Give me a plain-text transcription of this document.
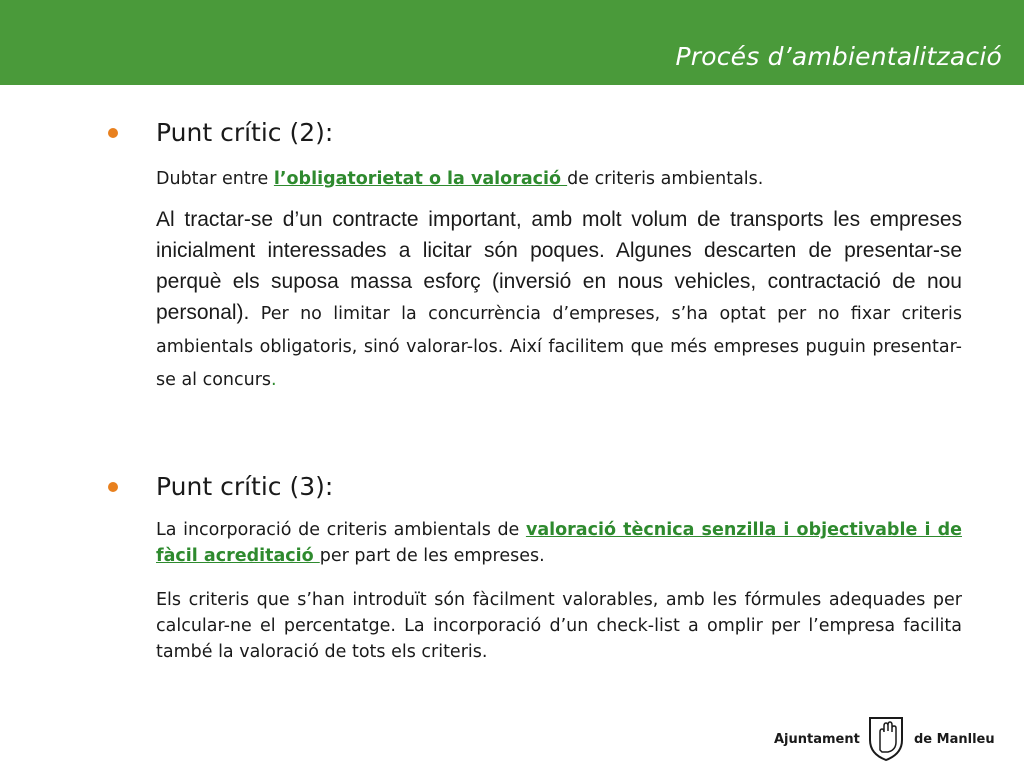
Procés d’ambientalització
Punt crític (2):
Dubtar entre l’obligatorietat o la valoració de criteris ambientals.
Al tractar-se d’un contracte important, amb molt volum de transports les empreses inicialment interessades a licitar són poques. Algunes descarten de presentar-se perquè els suposa massa esforç (inversió en nous vehicles, contractació de nou personal). Per no limitar la concurrència d’empreses, s’ha optat per no fixar criteris ambientals obligatoris, sinó valorar-los. Així facilitem que més empreses puguin presentar-se al concurs.
Punt crític (3):
La incorporació de criteris ambientals de valoració tècnica senzilla i objectivable i de fàcil acreditació per part de les empreses.
Els criteris que s’han introduït són fàcilment valorables, amb les fórmules adequades per calcular-ne el percentatge. La incorporació d’un check-list a omplir per l’empresa facilita també la valoració de tots els criteris.
Ajuntament	de Manlleu
